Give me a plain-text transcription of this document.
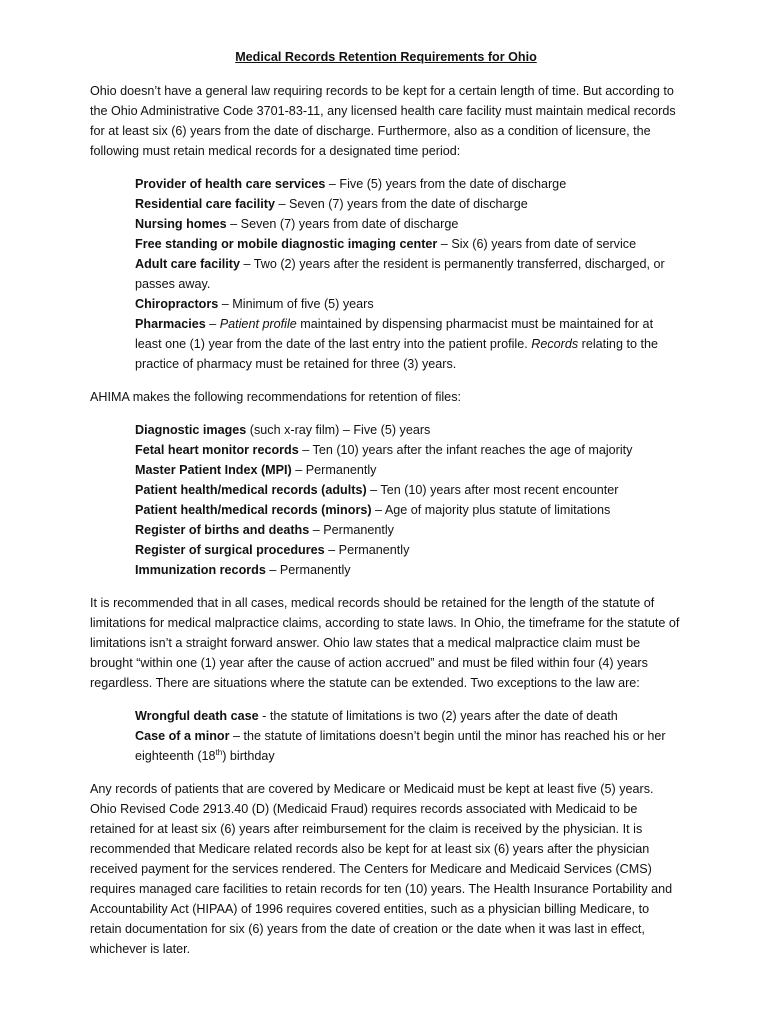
Medical Records Retention Requirements for Ohio

Ohio doesn’t have a general law requiring records to be kept for a certain length of time. But according to the Ohio Administrative Code 3701-83-11, any licensed health care facility must maintain medical records for at least six (6) years from the date of discharge. Furthermore, also as a condition of licensure, the following must retain medical records for a designated time period:

Provider of health care services – Five (5) years from the date of discharge
Residential care facility – Seven (7) years from the date of discharge
Nursing homes – Seven (7) years from date of discharge
Free standing or mobile diagnostic imaging center – Six (6) years from date of service
Adult care facility – Two (2) years after the resident is permanently transferred, discharged, or passes away.
Chiropractors – Minimum of five (5) years
Pharmacies – Patient profile maintained by dispensing pharmacist must be maintained for at least one (1) year from the date of the last entry into the patient profile. Records relating to the practice of pharmacy must be retained for three (3) years.

AHIMA makes the following recommendations for retention of files:

Diagnostic images (such x-ray film) – Five (5) years
Fetal heart monitor records – Ten (10) years after the infant reaches the age of majority
Master Patient Index (MPI) – Permanently
Patient health/medical records (adults) – Ten (10) years after most recent encounter
Patient health/medical records (minors) – Age of majority plus statute of limitations
Register of births and deaths – Permanently
Register of surgical procedures – Permanently
Immunization records – Permanently

It is recommended that in all cases, medical records should be retained for the length of the statute of limitations for medical malpractice claims, according to state laws. In Ohio, the timeframe for the statute of limitations isn’t a straight forward answer. Ohio law states that a medical malpractice claim must be brought “within one (1) year after the cause of action accrued” and must be filed within four (4) years regardless. There are situations where the statute can be extended. Two exceptions to the law are:

Wrongful death case - the statute of limitations is two (2) years after the date of death
Case of a minor – the statute of limitations doesn’t begin until the minor has reached his or her eighteenth (18th) birthday

Any records of patients that are covered by Medicare or Medicaid must be kept at least five (5) years. Ohio Revised Code 2913.40 (D) (Medicaid Fraud) requires records associated with Medicaid to be retained for at least six (6) years after reimbursement for the claim is received by the physician. It is recommended that Medicare related records also be kept for at least six (6) years after the physician received payment for the services rendered. The Centers for Medicare and Medicaid Services (CMS) requires managed care facilities to retain records for ten (10) years. The Health Insurance Portability and Accountability Act (HIPAA) of 1996 requires covered entities, such as a physician billing Medicare, to retain documentation for six (6) years from the date of creation or the date when it was last in effect, whichever is later.
